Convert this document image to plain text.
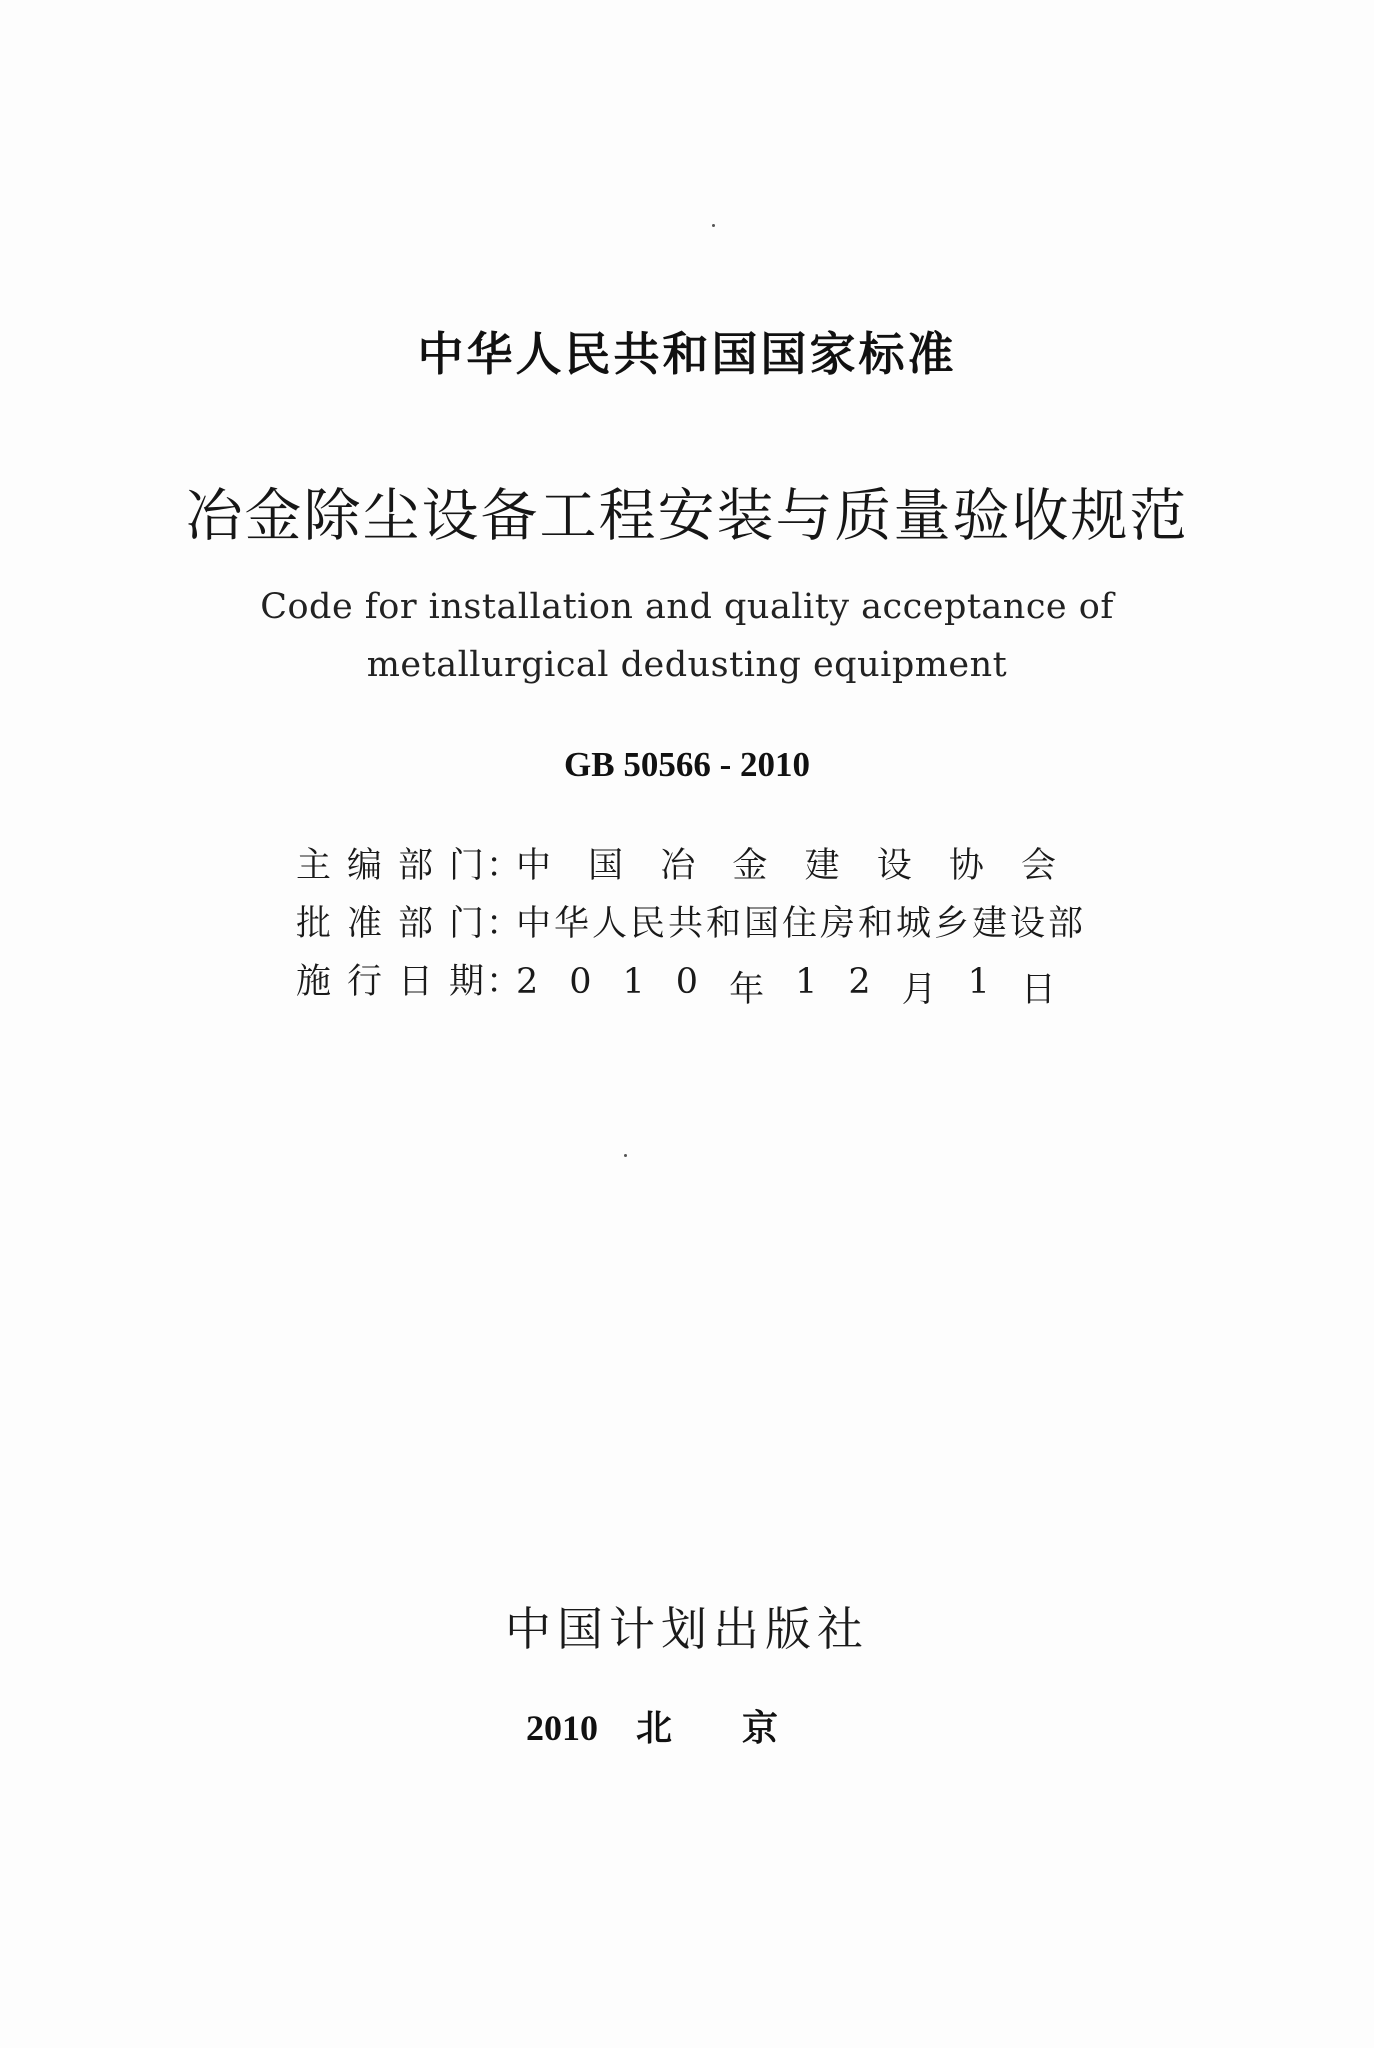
中华人民共和国国家标准
冶金除尘设备工程安装与质量验收规范
Code for installation and quality acceptance of
metallurgical dedusting equipment
GB 50566 - 2010
主编部门 ：
中 国 冶 金 建 设 协 会
批准部门 ：
中华人民共和国住房和城乡建设部
施行日期 ：
2 0 1 0 年 1 2 月 1 日
中国计划出版社
2010 北京
